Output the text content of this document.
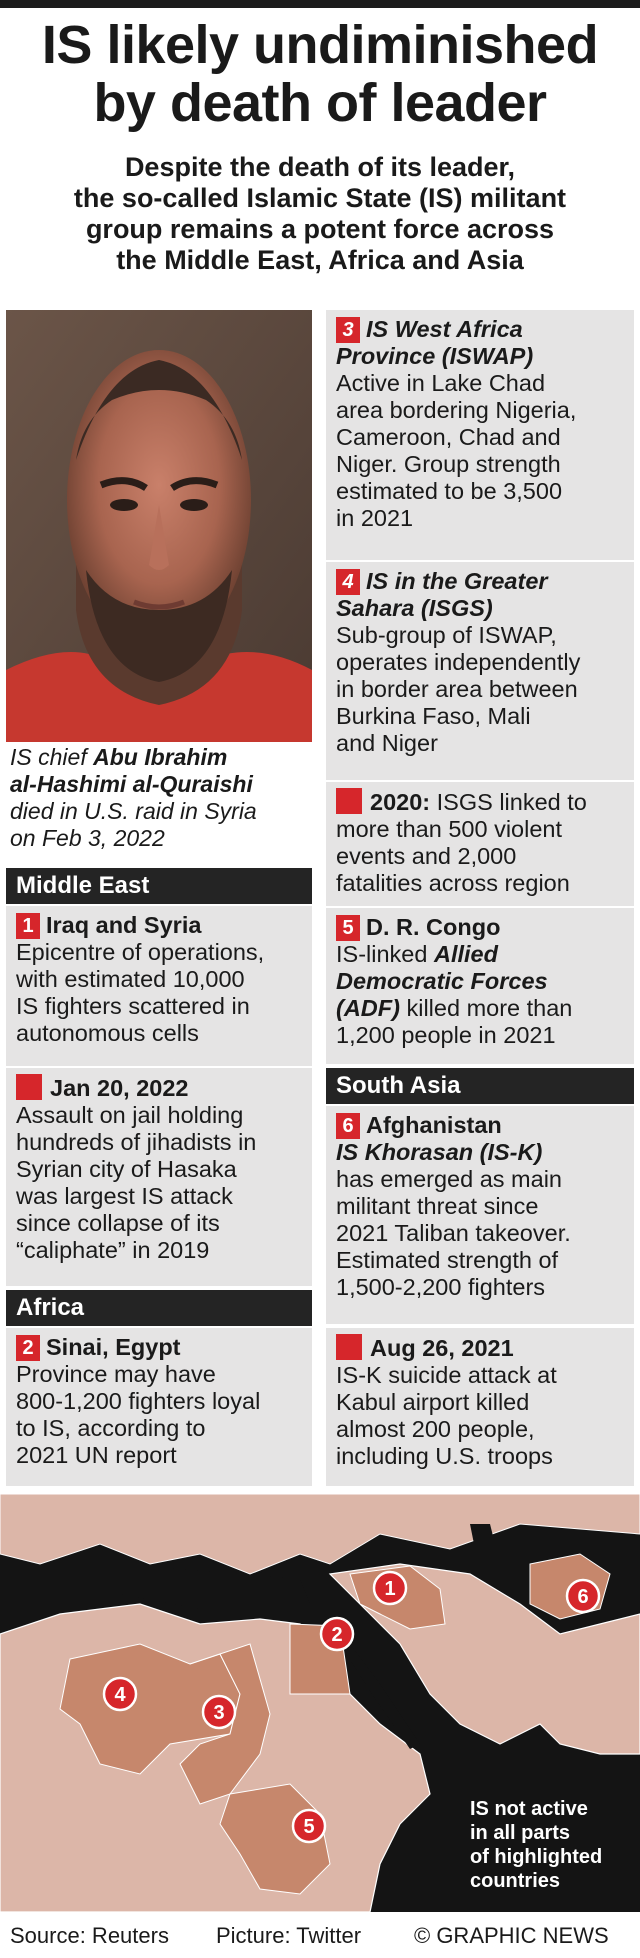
IS likely undiminished
by death of leader
Despite the death of its leader,
the so-called Islamic State (IS) militant
group remains a potent force across
the Middle East, Africa and Asia
IS chief Abu Ibrahim
al-Hashimi al-Quraishi
died in U.S. raid in Syria
on Feb 3, 2022
Middle East
1 Iraq and Syria
Epicentre of operations,
with estimated 10,000
IS fighters scattered in
autonomous cells
Jan 20, 2022
Assault on jail holding
hundreds of jihadists in
Syrian city of Hasaka
was largest IS attack
since collapse of its
“caliphate” in 2019
Africa
2 Sinai, Egypt
Province may have
800-1,200 fighters loyal
to IS, according to
2021 UN report
3 IS West Africa
Province (ISWAP)
Active in Lake Chad
area bordering Nigeria,
Cameroon, Chad and
Niger. Group strength
estimated to be 3,500
in 2021
4 IS in the Greater
Sahara (ISGS)
Sub-group of ISWAP,
operates independently
in border area between
Burkina Faso, Mali
and Niger
2020: ISGS linked to
more than 500 violent
events and 2,000
fatalities across region
5 D. R. Congo
IS-linked Allied
Democratic Forces
(ADF) killed more than
1,200 people in 2021
South Asia
6 Afghanistan
IS Khorasan (IS-K)
has emerged as main
militant threat since
2021 Taliban takeover.
Estimated strength of
1,500-2,200 fighters
Aug 26, 2021
IS-K suicide attack at
Kabul airport killed
almost 200 people,
including U.S. troops
1
2
3
4
5
6
IS not active
in all parts
of highlighted
countries
Source: Reuters Picture: Twitter © GRAPHIC NEWS
